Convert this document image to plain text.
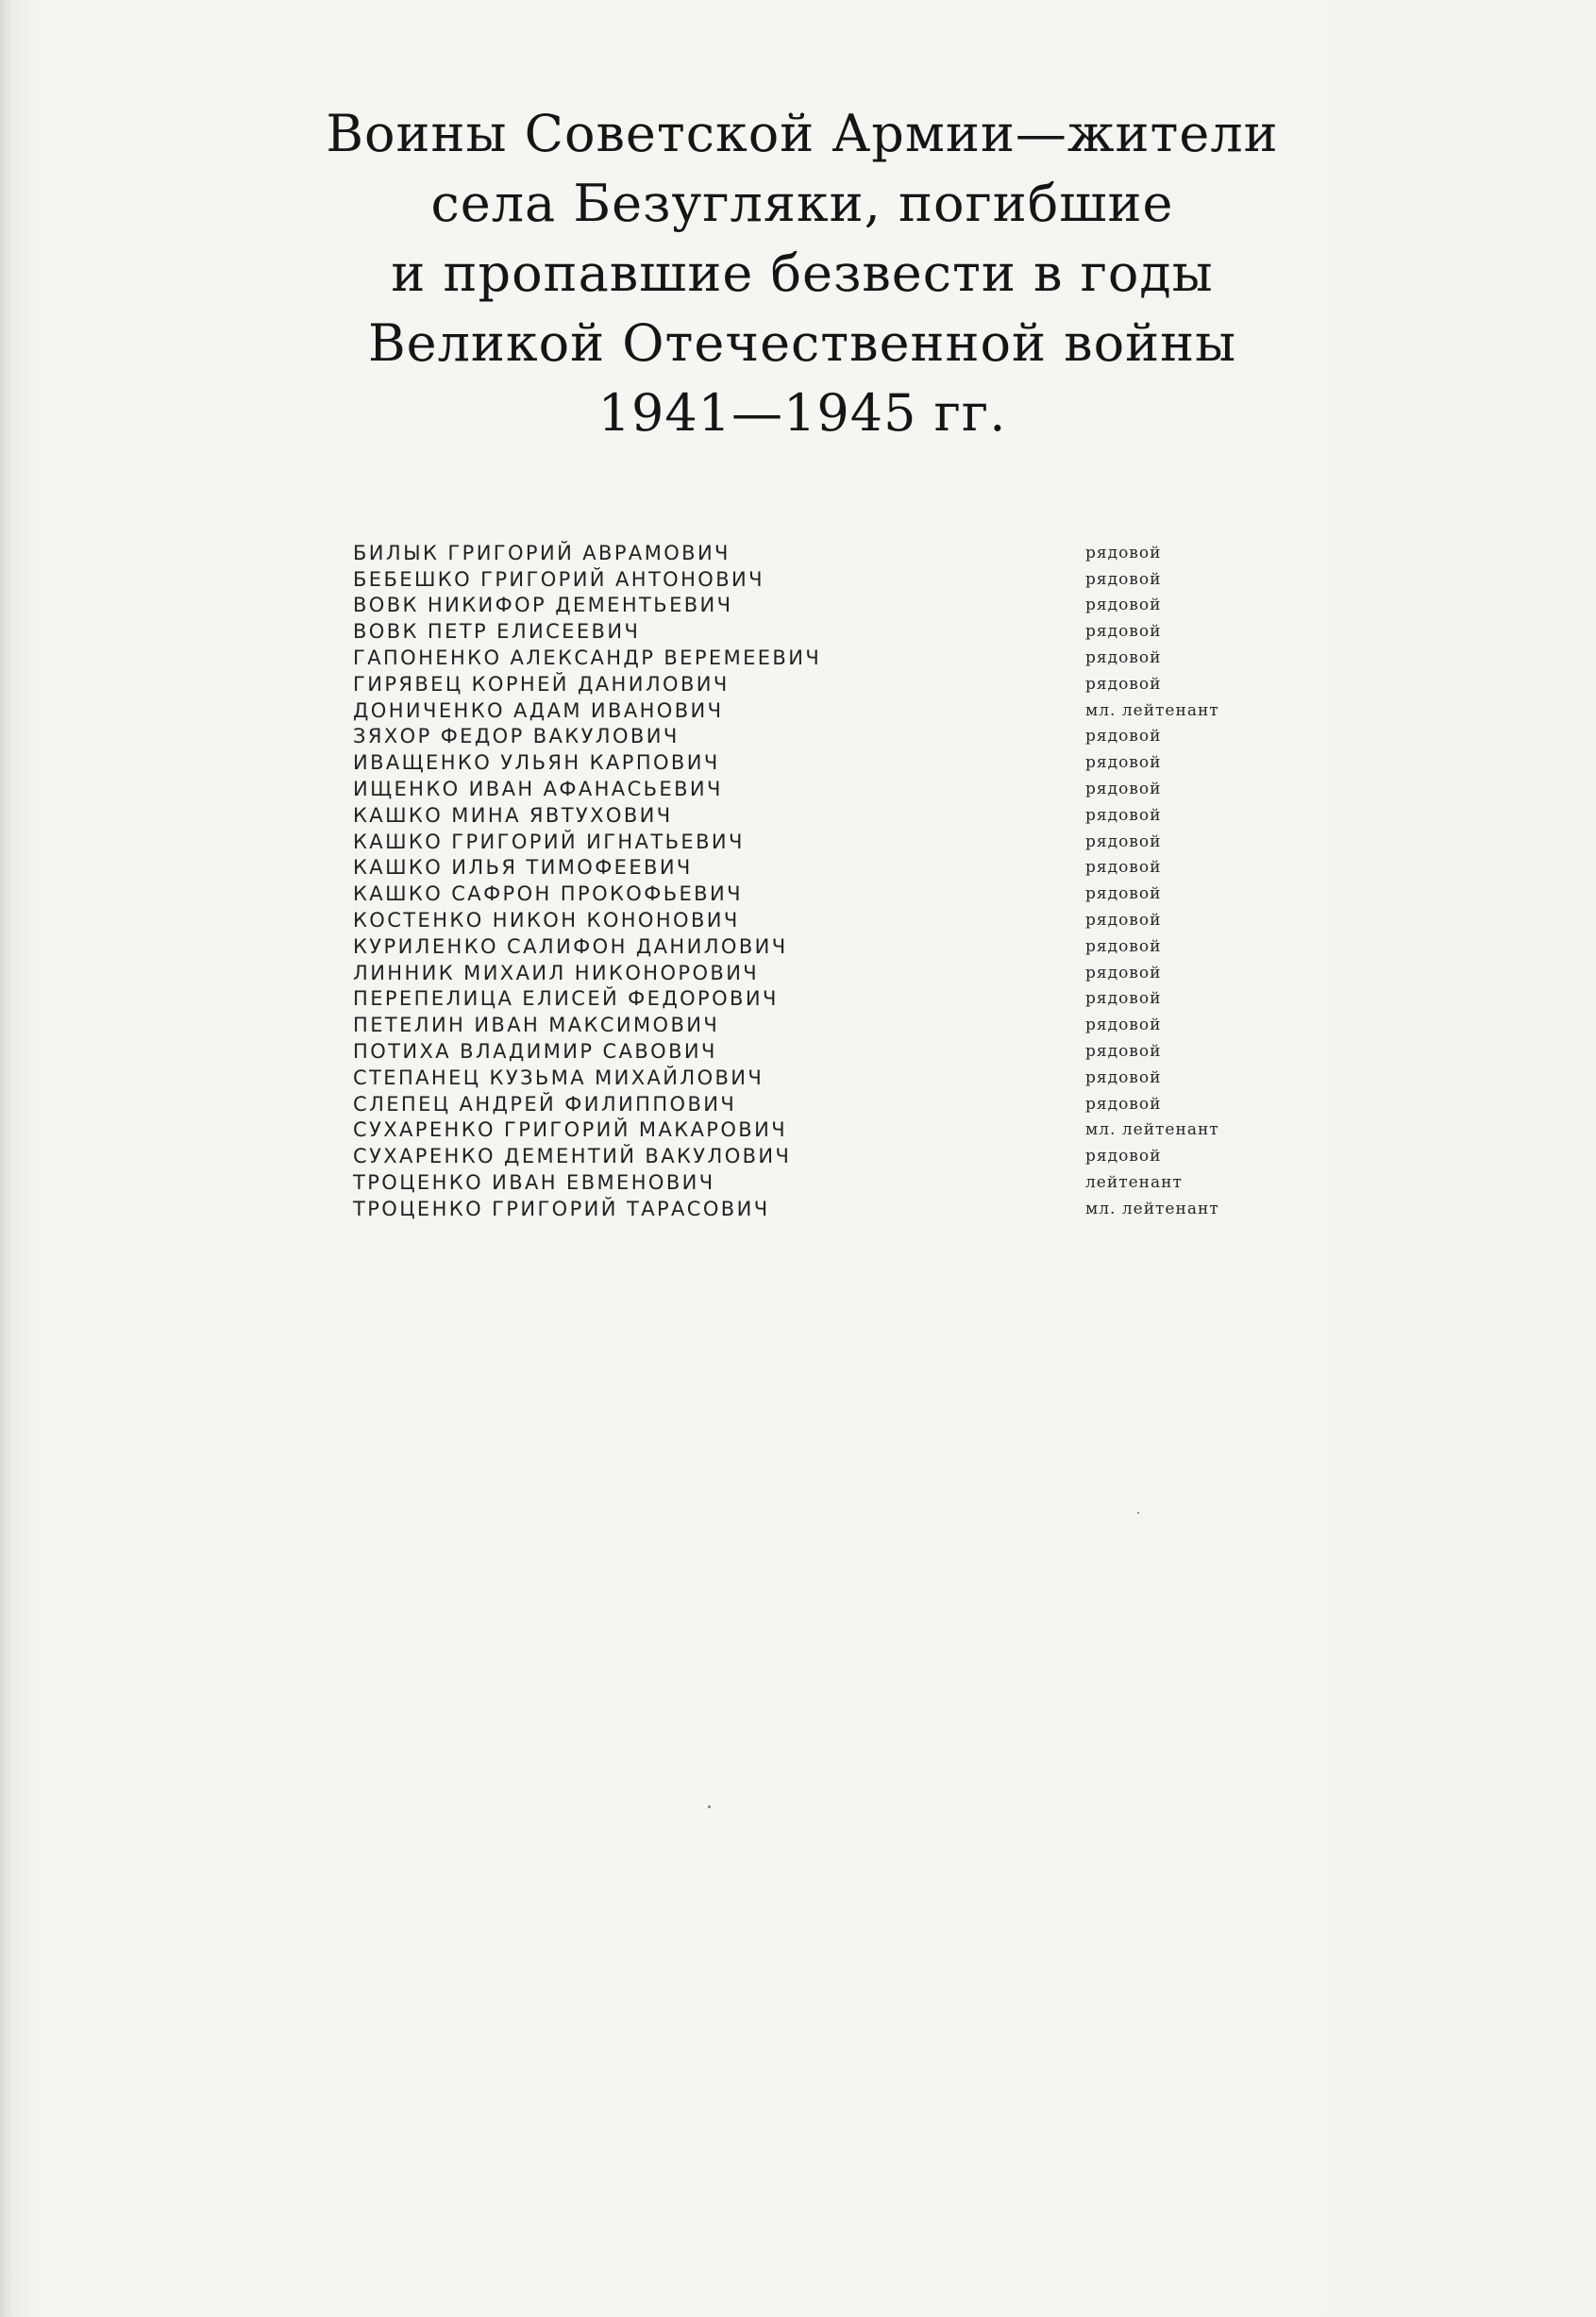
Воины Советской Армии—жители
села Безугляки, погибшие
и пропавшие безвести в годы
Великой Отечественной войны
1941—1945 гг.
БИЛЫК ГРИГОРИЙ АВРАМОВИЧ	рядовой
БЕБЕШКО ГРИГОРИЙ АНТОНОВИЧ	рядовой
ВОВК НИКИФОР ДЕМЕНТЬЕВИЧ	рядовой
ВОВК ПЕТР ЕЛИСЕЕВИЧ	рядовой
ГАПОНЕНКО АЛЕКСАНДР ВЕРЕМЕЕВИЧ	рядовой
ГИРЯВЕЦ КОРНЕЙ ДАНИЛОВИЧ	рядовой
ДОНИЧЕНКО АДАМ ИВАНОВИЧ	мл. лейтенант
ЗЯХОР ФЕДОР ВАКУЛОВИЧ	рядовой
ИВАЩЕНКО УЛЬЯН КАРПОВИЧ	рядовой
ИЩЕНКО ИВАН АФАНАСЬЕВИЧ	рядовой
КАШКО МИНА ЯВТУХОВИЧ	рядовой
КАШКО ГРИГОРИЙ ИГНАТЬЕВИЧ	рядовой
КАШКО ИЛЬЯ ТИМОФЕЕВИЧ	рядовой
КАШКО САФРОН ПРОКОФЬЕВИЧ	рядовой
КОСТЕНКО НИКОН КОНОНОВИЧ	рядовой
КУРИЛЕНКО САЛИФОН ДАНИЛОВИЧ	рядовой
ЛИННИК МИХАИЛ НИКОНОРОВИЧ	рядовой
ПЕРЕПЕЛИЦА ЕЛИСЕЙ ФЕДОРОВИЧ	рядовой
ПЕТЕЛИН ИВАН МАКСИМОВИЧ	рядовой
ПОТИХА ВЛАДИМИР САВОВИЧ	рядовой
СТЕПАНЕЦ КУЗЬМА МИХАЙЛОВИЧ	рядовой
СЛЕПЕЦ АНДРЕЙ ФИЛИППОВИЧ	рядовой
СУХАРЕНКО ГРИГОРИЙ МАКАРОВИЧ	мл. лейтенант
СУХАРЕНКО ДЕМЕНТИЙ ВАКУЛОВИЧ	рядовой
ТРОЦЕНКО ИВАН ЕВМЕНОВИЧ	лейтенант
ТРОЦЕНКО ГРИГОРИЙ ТАРАСОВИЧ	мл. лейтенант
